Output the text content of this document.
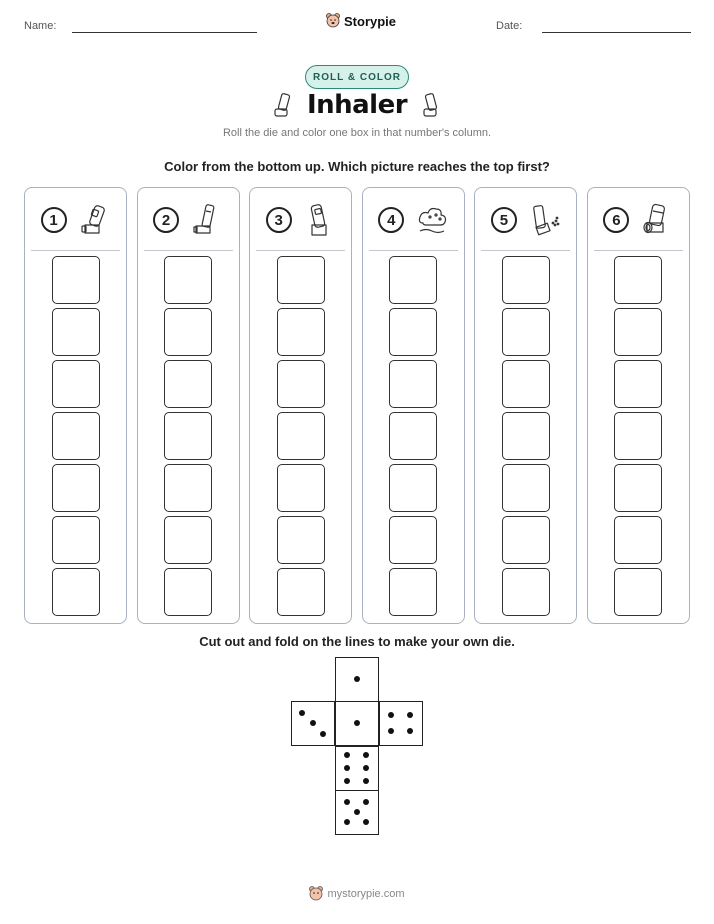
Name:	Storypie	Date:
ROLL & COLOR
Inhaler
Roll the die and color one box in that number's column.
Color from the bottom up. Which picture reaches the top first?
1	2	3	4	5	6
Cut out and fold on the lines to make your own die.
mystorypie.com
